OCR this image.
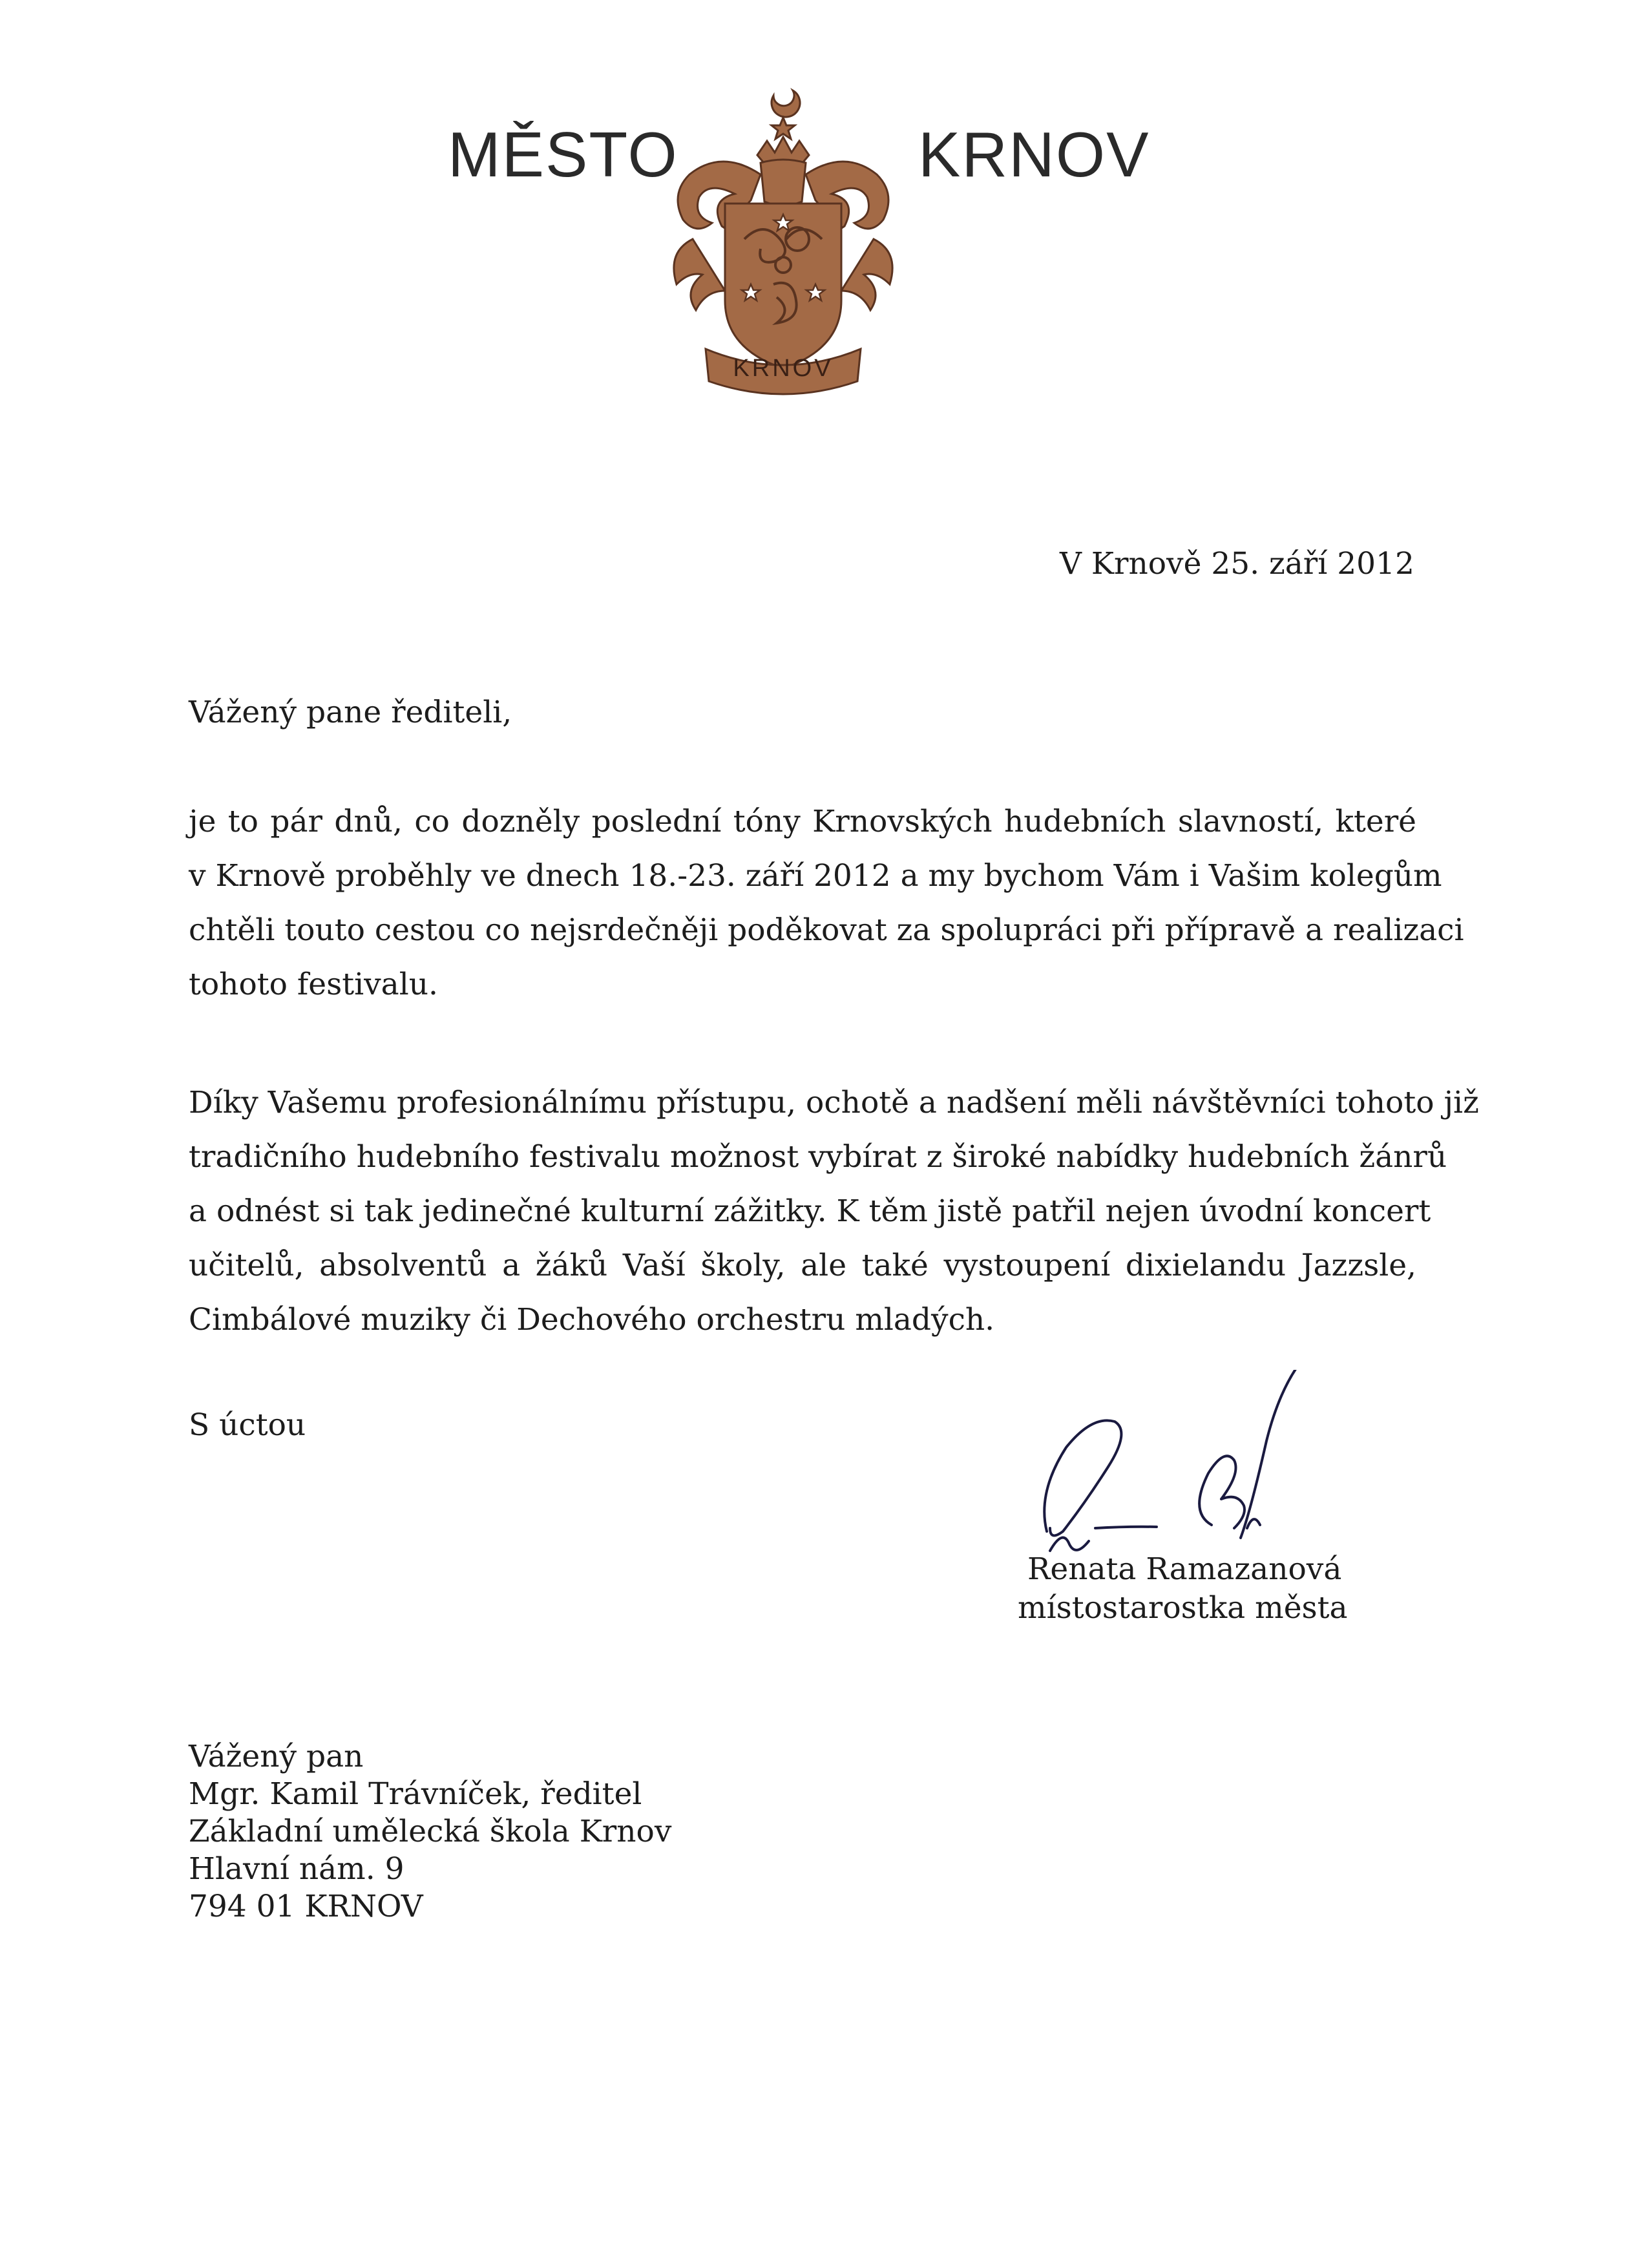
MĚSTO
KRNOV
KRNOV
V Krnově 25. září 2012
Vážený pane řediteli,
je to pár dnů, co dozněly poslední tóny Krnovských hudebních slavností, které
v Krnově proběhly ve dnech 18.-23. září 2012 a my bychom Vám i Vašim kolegům
chtěli touto cestou co nejsrdečněji poděkovat za spolupráci při přípravě a realizaci
tohoto festivalu.
Díky Vašemu profesionálnímu přístupu, ochotě a nadšení měli návštěvníci tohoto již
tradičního hudebního festivalu možnost vybírat z široké nabídky hudebních žánrů
a odnést si tak jedinečné kulturní zážitky. K těm jistě patřil nejen úvodní koncert
učitelů, absolventů a žáků Vaší školy, ale také vystoupení dixielandu Jazzsle,
Cimbálové muziky či Dechového orchestru mladých.
S úctou
Renata Ramazanová
místostarostka města
Vážený pan
Mgr. Kamil Trávníček, ředitel
Základní umělecká škola Krnov
Hlavní nám. 9
794 01 KRNOV
